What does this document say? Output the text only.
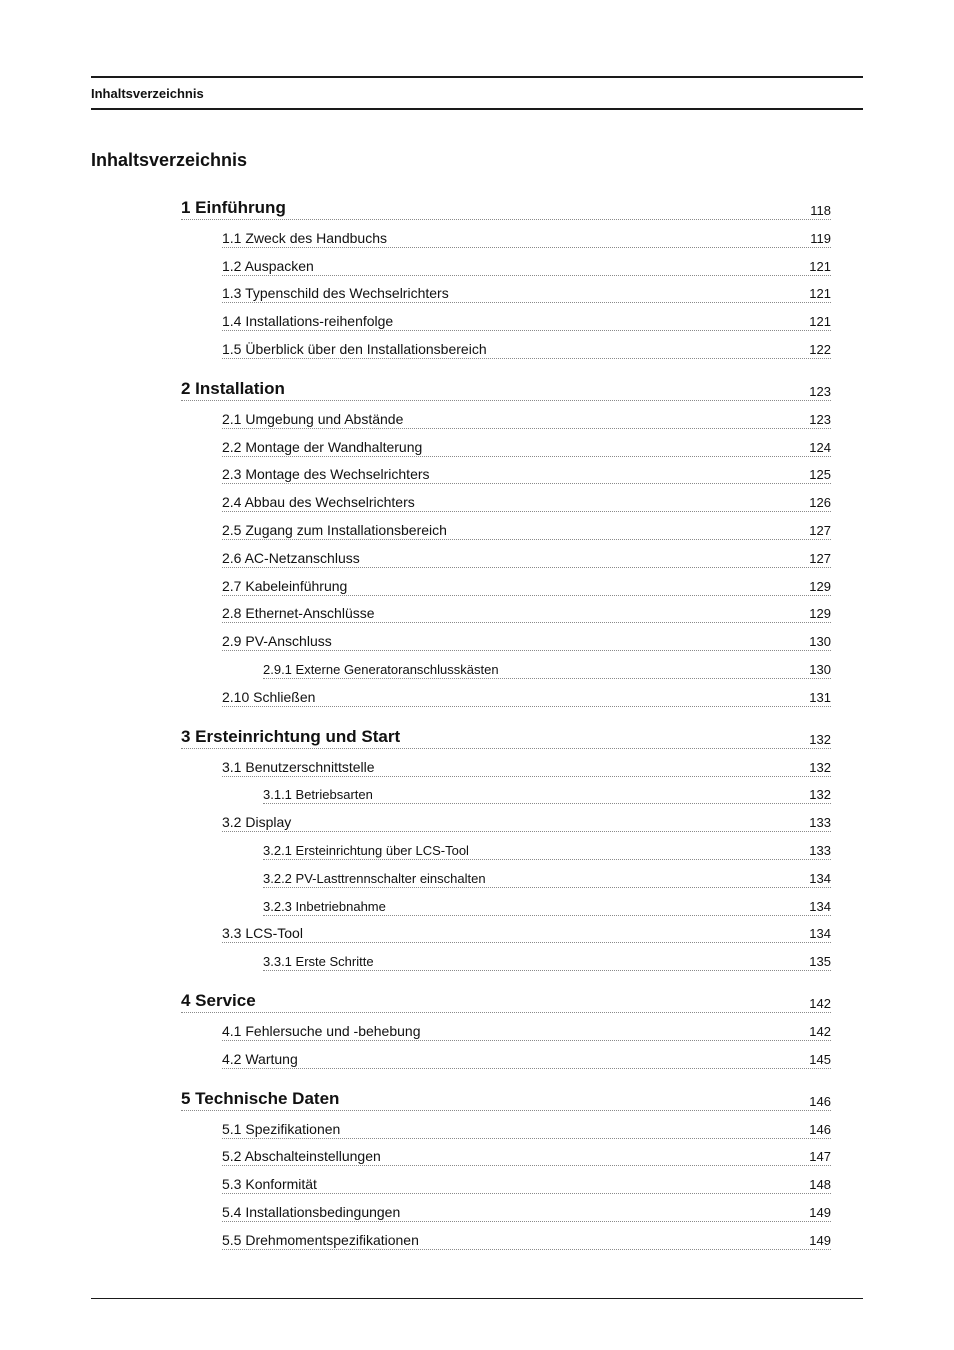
Inhaltsverzeichnis
Inhaltsverzeichnis
1 Einführung	118
1.1 Zweck des Handbuchs	119
1.2 Auspacken	121
1.3 Typenschild des Wechselrichters	121
1.4 Installations-reihenfolge	121
1.5 Überblick über den Installationsbereich	122
2 Installation	123
2.1 Umgebung und Abstände	123
2.2 Montage der Wandhalterung	124
2.3 Montage des Wechselrichters	125
2.4 Abbau des Wechselrichters	126
2.5 Zugang zum Installationsbereich	127
2.6 AC-Netzanschluss	127
2.7 Kabeleinführung	129
2.8 Ethernet-Anschlüsse	129
2.9 PV-Anschluss	130
2.9.1 Externe Generatoranschlusskästen	130
2.10 Schließen	131
3 Ersteinrichtung und Start	132
3.1 Benutzerschnittstelle	132
3.1.1 Betriebsarten	132
3.2 Display	133
3.2.1 Ersteinrichtung über LCS-Tool	133
3.2.2 PV-Lasttrennschalter einschalten	134
3.2.3 Inbetriebnahme	134
3.3 LCS-Tool	134
3.3.1 Erste Schritte	135
4 Service	142
4.1 Fehlersuche und -behebung	142
4.2 Wartung	145
5 Technische Daten	146
5.1 Spezifikationen	146
5.2 Abschalteinstellungen	147
5.3 Konformität	148
5.4 Installationsbedingungen	149
5.5 Drehmomentspezifikationen	149
